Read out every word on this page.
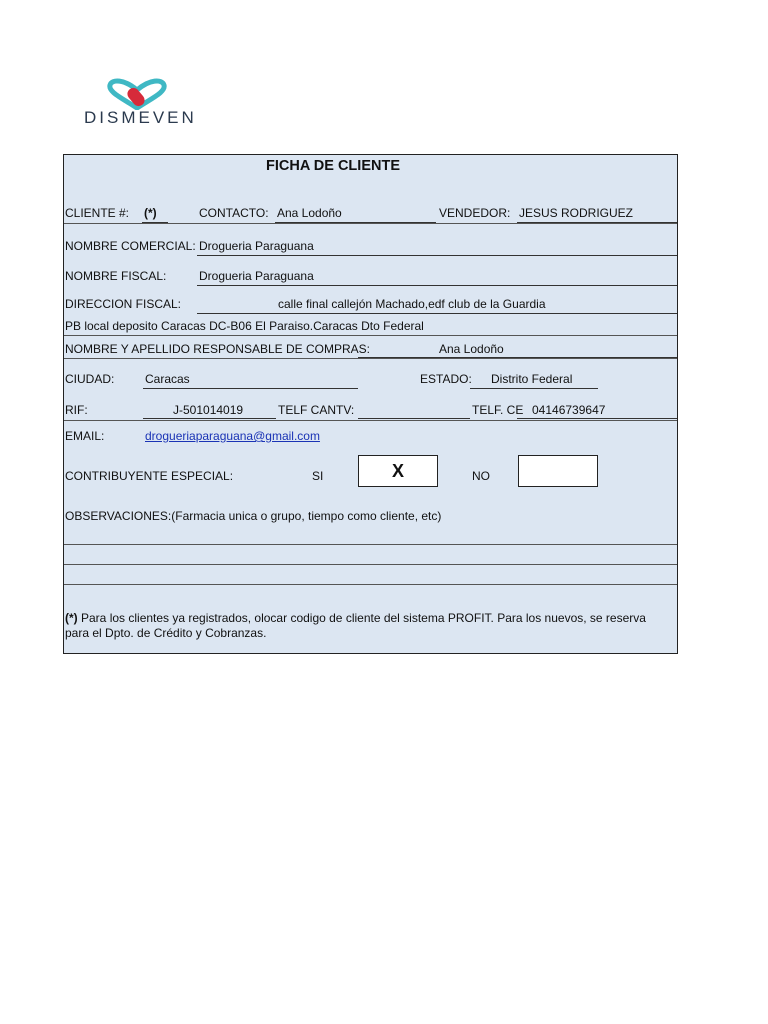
DISMEVEN
FICHA DE CLIENTE
CLIENTE #: (*)	CONTACTO: Ana Lodoño	VENDEDOR: JESUS RODRIGUEZ
NOMBRE COMERCIAL: Drogueria Paraguana
NOMBRE FISCAL:	Drogueria Paraguana
DIRECCION FISCAL:	calle final callejón Machado,edf club de la Guardia
PB local deposito Caracas DC-B06 El Paraiso.Caracas Dto Federal
NOMBRE Y APELLIDO RESPONSABLE DE COMPRAS:	Ana Lodoño
CIUDAD:	Caracas	ESTADO: Distrito Federal
RIF:	J-501014019	TELF CANTV:	TELF. CE 04146739647
EMAIL:	drogueriaparaguana@gmail.com
CONTRIBUYENTE ESPECIAL:	SI	X	NO
OBSERVACIONES:(Farmacia unica o grupo, tiempo como cliente, etc)
(*) Para los clientes ya registrados, olocar codigo de cliente del sistema PROFIT. Para los nuevos, se reserva para el Dpto. de Crédito y Cobranzas.
